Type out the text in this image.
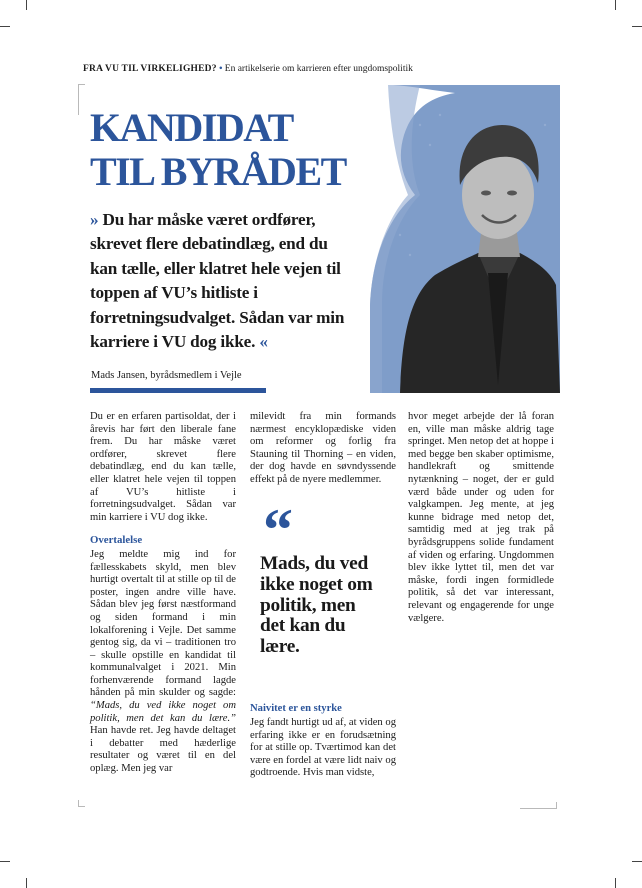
FRA VU TIL VIRKELIGHED? • En artikelserie om karrieren efter ungdomspolitik
KANDIDAT
TIL BYRÅDET

» Du har måske været ordfører, skrevet flere debatindlæg, end du kan tælle, eller klatret hele vejen til toppen af VU’s hitliste i forretningsudvalget. Sådan var min karriere i VU dog ikke. «

Mads Jansen, byrådsmedlem i Vejle

Du er en erfaren partisoldat, der i årevis har ført den liberale fane frem. Du har måske været ordfører, skrevet flere debatindlæg, end du kan tælle, eller klatret hele vejen til toppen af VU’s hitliste i forretningsudvalget. Sådan var min karriere i VU dog ikke.

Overtalelse

Jeg meldte mig ind for fællesskabets skyld, men blev hurtigt overtalt til at stille op til de poster, ingen andre ville have. Sådan blev jeg først næstformand og siden formand i min lokalforening i Vejle. Det samme gentog sig, da vi – traditionen tro – skulle opstille en kandidat til kommunalvalget i 2021. Min forhenværende formand lagde hånden på min skulder og sagde: “Mads, du ved ikke noget om politik, men det kan du lære.” Han havde ret. Jeg havde deltaget i debatter med hæderlige resultater og været til en del oplæg. Men jeg var

milevidt fra min formands nærmest encyklopædiske viden om reformer og forlig fra Stauning til Thorning – en viden, der dog havde en søvndyssende effekt på de nyere medlemmer.

“

Mads, du ved ikke noget om politik, men det kan du lære.

Naivitet er en styrke

Jeg fandt hurtigt ud af, at viden og erfaring ikke er en forudsætning for at stille op. Tværtimod kan det være en fordel at være lidt naiv og godtroende. Hvis man vidste,

hvor meget arbejde der lå foran en, ville man måske aldrig tage springet. Men netop det at hoppe i med begge ben skaber optimisme, handlekraft og smittende nytænkning – noget, der er guld værd både under og uden for valgkampen. Jeg mente, at jeg kunne bidrage med netop det, samtidig med at jeg trak på byrådsgruppens solide fundament af viden og erfaring. Ungdommen blev ikke lyttet til, men det var måske, fordi ingen formidlede politik, så det var interessant, relevant og engagerende for unge vælgere.
